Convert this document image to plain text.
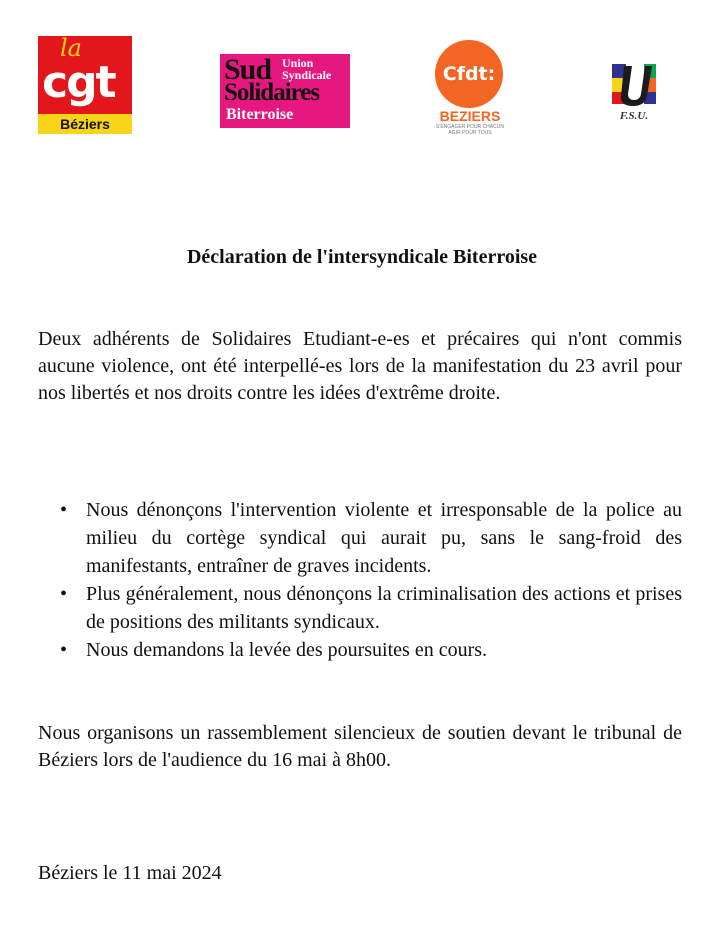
la
cgt
Béziers
Sud Union
Syndicale
Solidaires
Biterroise
Cfdt:
BEZIERS
S'ENGAGER POUR CHACUN AGIR POUR TOUS
F.S.U.
Déclaration de l'intersyndicale Biterroise

Deux adhérents de Solidaires Etudiant-e-es et précaires qui n'ont commis aucune violence, ont été interpellé-es lors de la manifestation du 23 avril pour nos libertés et nos droits contre les idées d'extrême droite.

• Nous dénonçons l'intervention violente et irresponsable de la police au milieu du cortège syndical qui aurait pu, sans le sang-froid des manifestants, entraîner de graves incidents.
• Plus généralement, nous dénonçons la criminalisation des actions et prises de positions des militants syndicaux.
• Nous demandons la levée des poursuites en cours.

Nous organisons un rassemblement silencieux de soutien devant le tribunal de Béziers lors de l'audience du 16 mai à 8h00.

Béziers le 11 mai 2024
